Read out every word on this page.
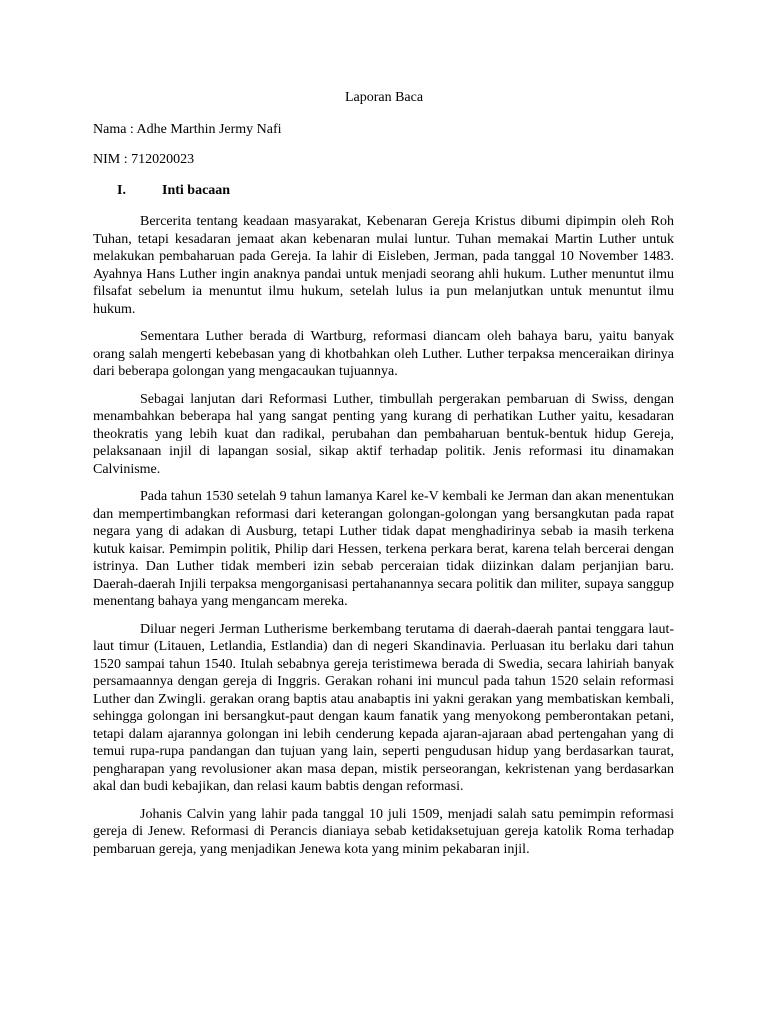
Laporan Baca
Nama : Adhe Marthin Jermy Nafi
NIM : 712020023
I.	Inti bacaan

Bercerita tentang keadaan masyarakat, Kebenaran Gereja Kristus dibumi dipimpin oleh Roh Tuhan, tetapi kesadaran jemaat akan kebenaran mulai luntur. Tuhan memakai Martin Luther untuk melakukan pembaharuan pada Gereja. Ia lahir di Eisleben, Jerman, pada tanggal 10 November 1483. Ayahnya Hans Luther ingin anaknya pandai untuk menjadi seorang ahli hukum. Luther menuntut ilmu filsafat sebelum ia menuntut ilmu hukum, setelah lulus ia pun melanjutkan untuk menuntut ilmu hukum.

Sementara Luther berada di Wartburg, reformasi diancam oleh bahaya baru, yaitu banyak orang salah mengerti kebebasan yang di khotbahkan oleh Luther. Luther terpaksa menceraikan dirinya dari beberapa golongan yang mengacaukan tujuannya.

Sebagai lanjutan dari Reformasi Luther, timbullah pergerakan pembaruan di Swiss, dengan menambahkan beberapa hal yang sangat penting yang kurang di perhatikan Luther yaitu, kesadaran theokratis yang lebih kuat dan radikal, perubahan dan pembaharuan bentuk-bentuk hidup Gereja, pelaksanaan injil di lapangan sosial, sikap aktif terhadap politik. Jenis reformasi itu dinamakan Calvinisme.

Pada tahun 1530 setelah 9 tahun lamanya Karel ke-V kembali ke Jerman dan akan menentukan dan mempertimbangkan reformasi dari keterangan golongan-golongan yang bersangkutan pada rapat negara yang di adakan di Ausburg, tetapi Luther tidak dapat menghadirinya sebab ia masih terkena kutuk kaisar. Pemimpin politik, Philip dari Hessen, terkena perkara berat, karena telah bercerai dengan istrinya. Dan Luther tidak memberi izin sebab perceraian tidak diizinkan dalam perjanjian baru. Daerah-daerah Injili terpaksa mengorganisasi pertahanannya secara politik dan militer, supaya sanggup menentang bahaya yang mengancam mereka.

Diluar negeri Jerman Lutherisme berkembang terutama di daerah-daerah pantai tenggara laut-laut timur (Litauen, Letlandia, Estlandia) dan di negeri Skandinavia. Perluasan itu berlaku dari tahun 1520 sampai tahun 1540. Itulah sebabnya gereja teristimewa berada di Swedia, secara lahiriah banyak persamaannya dengan gereja di Inggris. Gerakan rohani ini muncul pada tahun 1520 selain reformasi Luther dan Zwingli. gerakan orang baptis atau anabaptis ini yakni gerakan yang membatiskan kembali, sehingga golongan ini bersangkut-paut dengan kaum fanatik yang menyokong pemberontakan petani, tetapi dalam ajarannya golongan ini lebih cenderung kepada ajaran-ajaraan abad pertengahan yang di temui rupa-rupa pandangan dan tujuan yang lain, seperti pengudusan hidup yang berdasarkan taurat, pengharapan yang revolusioner akan masa depan, mistik perseorangan, kekristenan yang berdasarkan akal dan budi kebajikan, dan relasi kaum babtis dengan reformasi.

Johanis Calvin yang lahir pada tanggal 10 juli 1509, menjadi salah satu pemimpin reformasi gereja di Jenew. Reformasi di Perancis dianiaya sebab ketidaksetujuan gereja katolik Roma terhadap pembaruan gereja, yang menjadikan Jenewa kota yang minim pekabaran injil.
